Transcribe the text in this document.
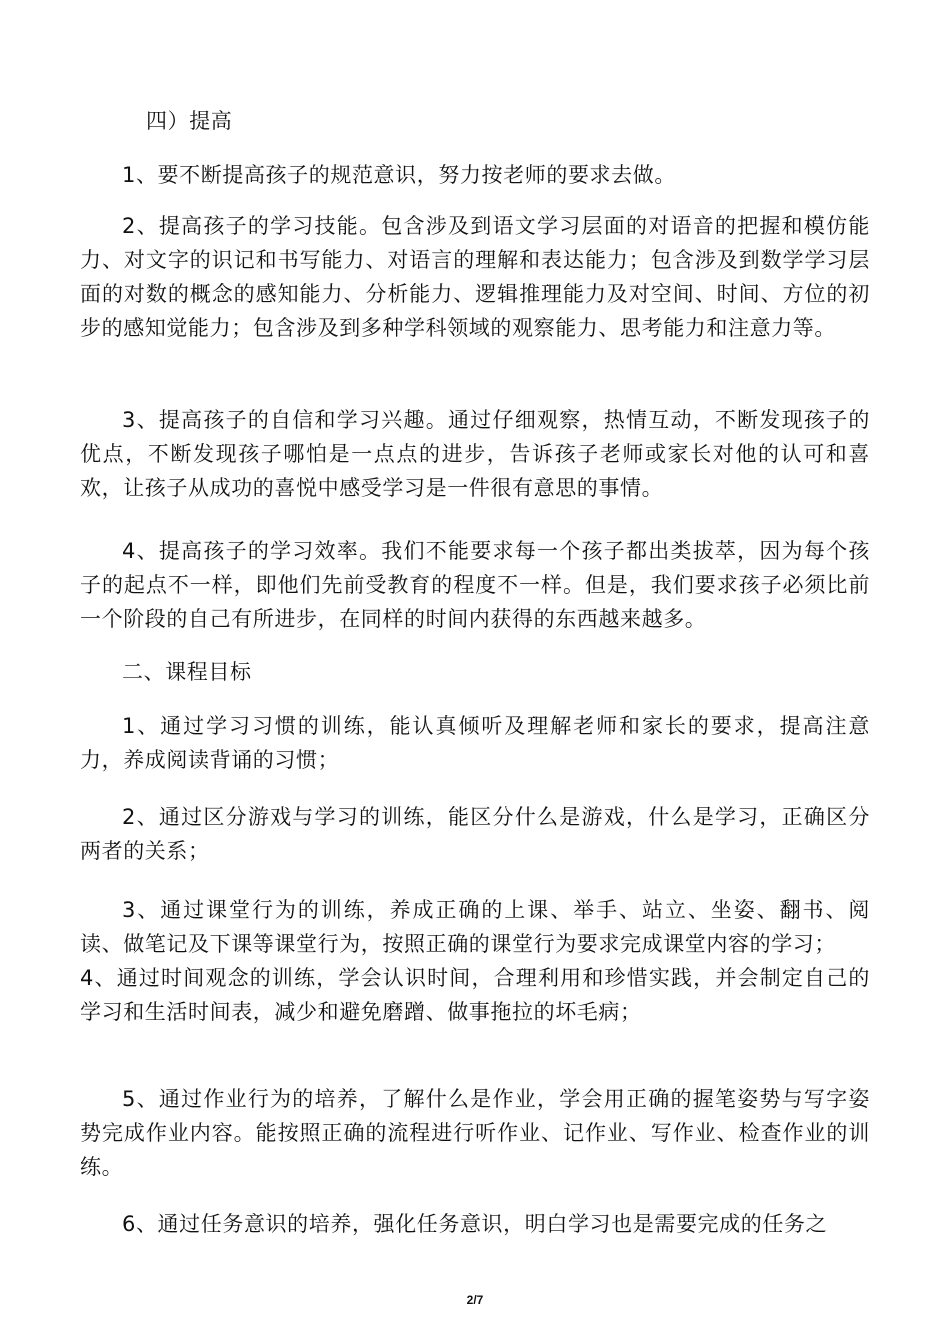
四）提高

1、要不断提高孩子的规范意识，努力按老师的要求去做。

2、提高孩子的学习技能。包含涉及到语文学习层面的对语音的把握和模仿能力、对文字的识记和书写能力、对语言的理解和表达能力；包含涉及到数学学习层面的对数的概念的感知能力、分析能力、逻辑推理能力及对空间、时间、方位的初步的感知觉能力；包含涉及到多种学科领域的观察能力、思考能力和注意力等。

3、提高孩子的自信和学习兴趣。通过仔细观察，热情互动，不断发现孩子的优点，不断发现孩子哪怕是一点点的进步，告诉孩子老师或家长对他的认可和喜欢，让孩子从成功的喜悦中感受学习是一件很有意思的事情。

4、提高孩子的学习效率。我们不能要求每一个孩子都出类拔萃，因为每个孩子的起点不一样，即他们先前受教育的程度不一样。但是，我们要求孩子必须比前一个阶段的自己有所进步，在同样的时间内获得的东西越来越多。

二、课程目标

1、通过学习习惯的训练，能认真倾听及理解老师和家长的要求，提高注意力，养成阅读背诵的习惯；

2、通过区分游戏与学习的训练，能区分什么是游戏，什么是学习，正确区分两者的关系；

3、通过课堂行为的训练，养成正确的上课、举手、站立、坐姿、翻书、阅读、做笔记及下课等课堂行为，按照正确的课堂行为要求完成课堂内容的学习；

4、通过时间观念的训练，学会认识时间，合理利用和珍惜实践，并会制定自己的学习和生活时间表，减少和避免磨蹭、做事拖拉的坏毛病；

5、通过作业行为的培养，了解什么是作业，学会用正确的握笔姿势与写字姿势完成作业内容。能按照正确的流程进行听作业、记作业、写作业、检查作业的训练。

6、通过任务意识的培养，强化任务意识，明白学习也是需要完成的任务之

2/7
